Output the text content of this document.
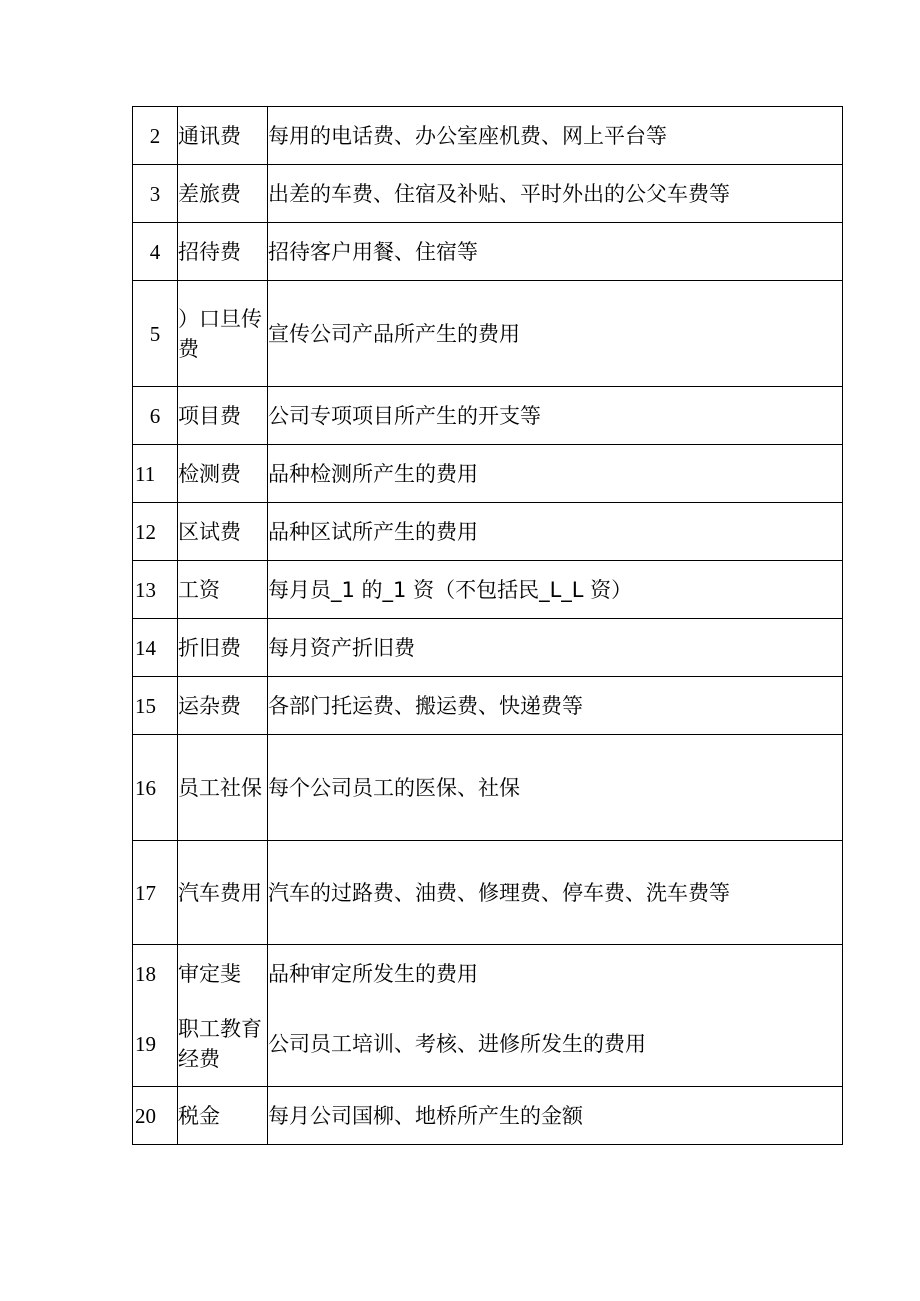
2	通讯费	每用的电话费、办公室座机费、网上平台等
3	差旅费	出差的车费、住宿及补贴、平时外出的公父车费等
4	招待费	招待客户用餐、住宿等
5	）口旦传费	宣传公司产品所产生的费用
6	项目费	公司专项项目所产生的开支等
11	检测费	品种检测所产生的费用
12	区试费	品种区试所产生的费用
13	工资	每月员_1 的_1 资（不包括民_L_L 资）
14	折旧费	每月资产折旧费
15	运杂费	各部门托运费、搬运费、快递费等
16	员工社保	每个公司员工的医保、社保
17	汽车费用	汽车的过路费、油费、修理费、停车费、洗车费等
18	审定斐	品种审定所发生的费用
19	职工教育经费	公司员工培训、考核、进修所发生的费用
20	税金	每月公司国柳、地桥所产生的金额
